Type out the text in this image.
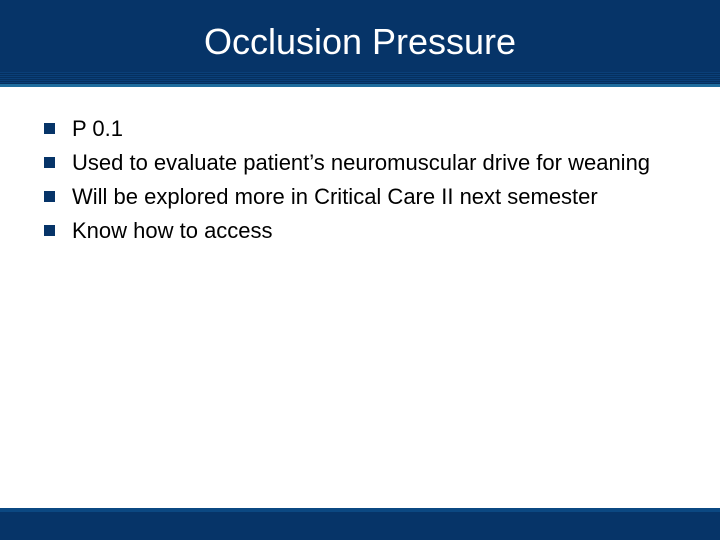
Occlusion Pressure
P 0.1
Used to evaluate patient’s neuromuscular drive for weaning
Will be explored more in Critical Care II next semester
Know how to access
